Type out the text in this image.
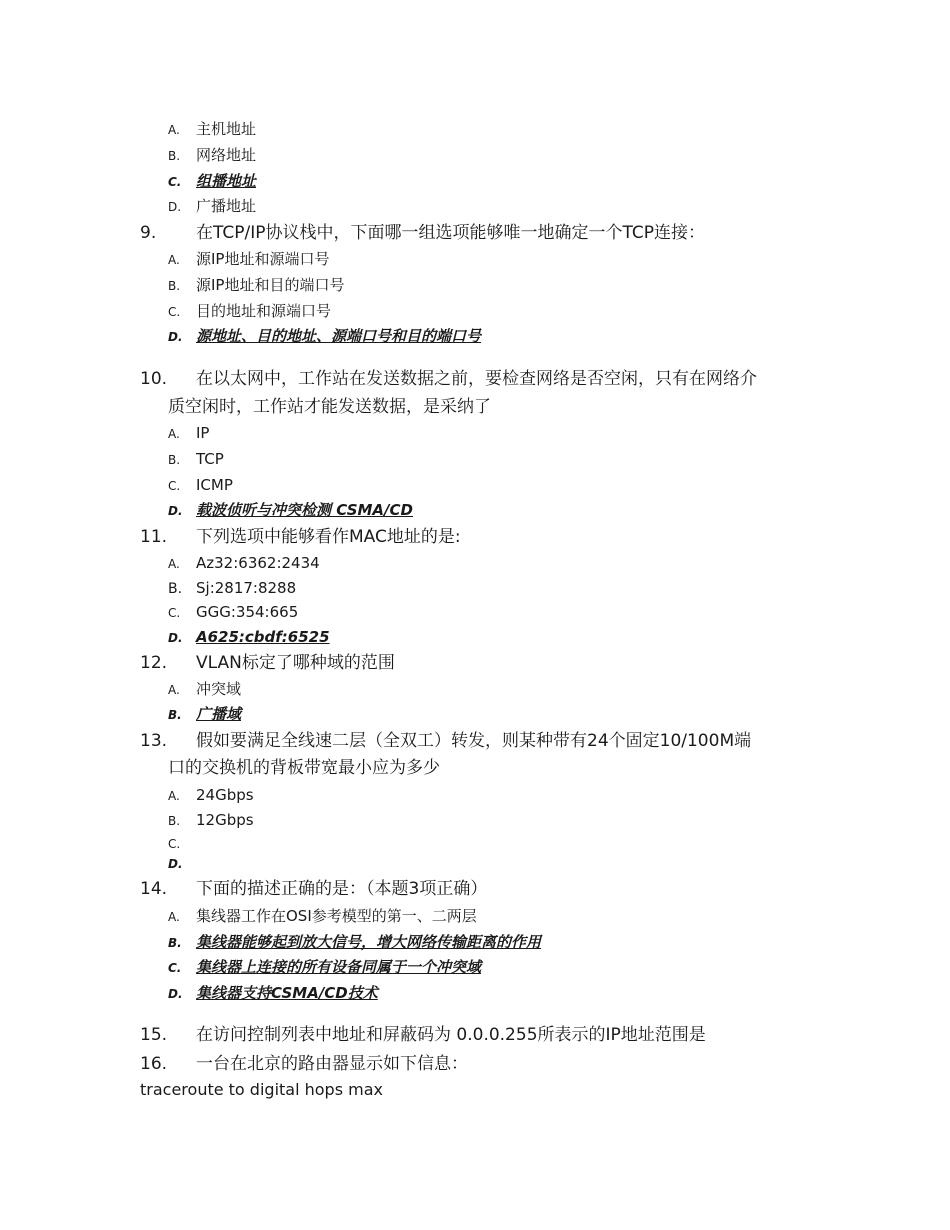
A. 主机地址
B. 网络地址
C. 组播地址
D. 广播地址
9. 在TCP/IP协议栈中，下面哪一组选项能够唯一地确定一个TCP连接：
A. 源IP地址和源端口号
B. 源IP地址和目的端口号
C. 目的地址和源端口号
D. 源地址、目的地址、源端口号和目的端口号
10. 在以太网中，工作站在发送数据之前，要检查网络是否空闲，只有在网络介
质空闲时，工作站才能发送数据，是采纳了
A. IP
B. TCP
C. ICMP
D. 载波侦听与冲突检测 CSMA/CD
11. 下列选项中能够看作MAC地址的是:
A. Az32:6362:2434
B. Sj:2817:8288
C. GGG:354:665
D. A625:cbdf:6525
12. VLAN标定了哪种域的范围
A. 冲突域
B. 广播域
13. 假如要满足全线速二层（全双工）转发，则某种带有24个固定10/100M端
口的交换机的背板带宽最小应为多少
A. 24Gbps
B. 12Gbps
C.
D.
14. 下面的描述正确的是：（本题3项正确）
A. 集线器工作在OSI参考模型的第一、二两层
B. 集线器能够起到放大信号，增大网络传输距离的作用
C. 集线器上连接的所有设备同属于一个冲突域
D. 集线器支持CSMA/CD技术
15. 在访问控制列表中地址和屏蔽码为 0.0.0.255所表示的IP地址范围是
16. 一台在北京的路由器显示如下信息：
traceroute to digital hops max
